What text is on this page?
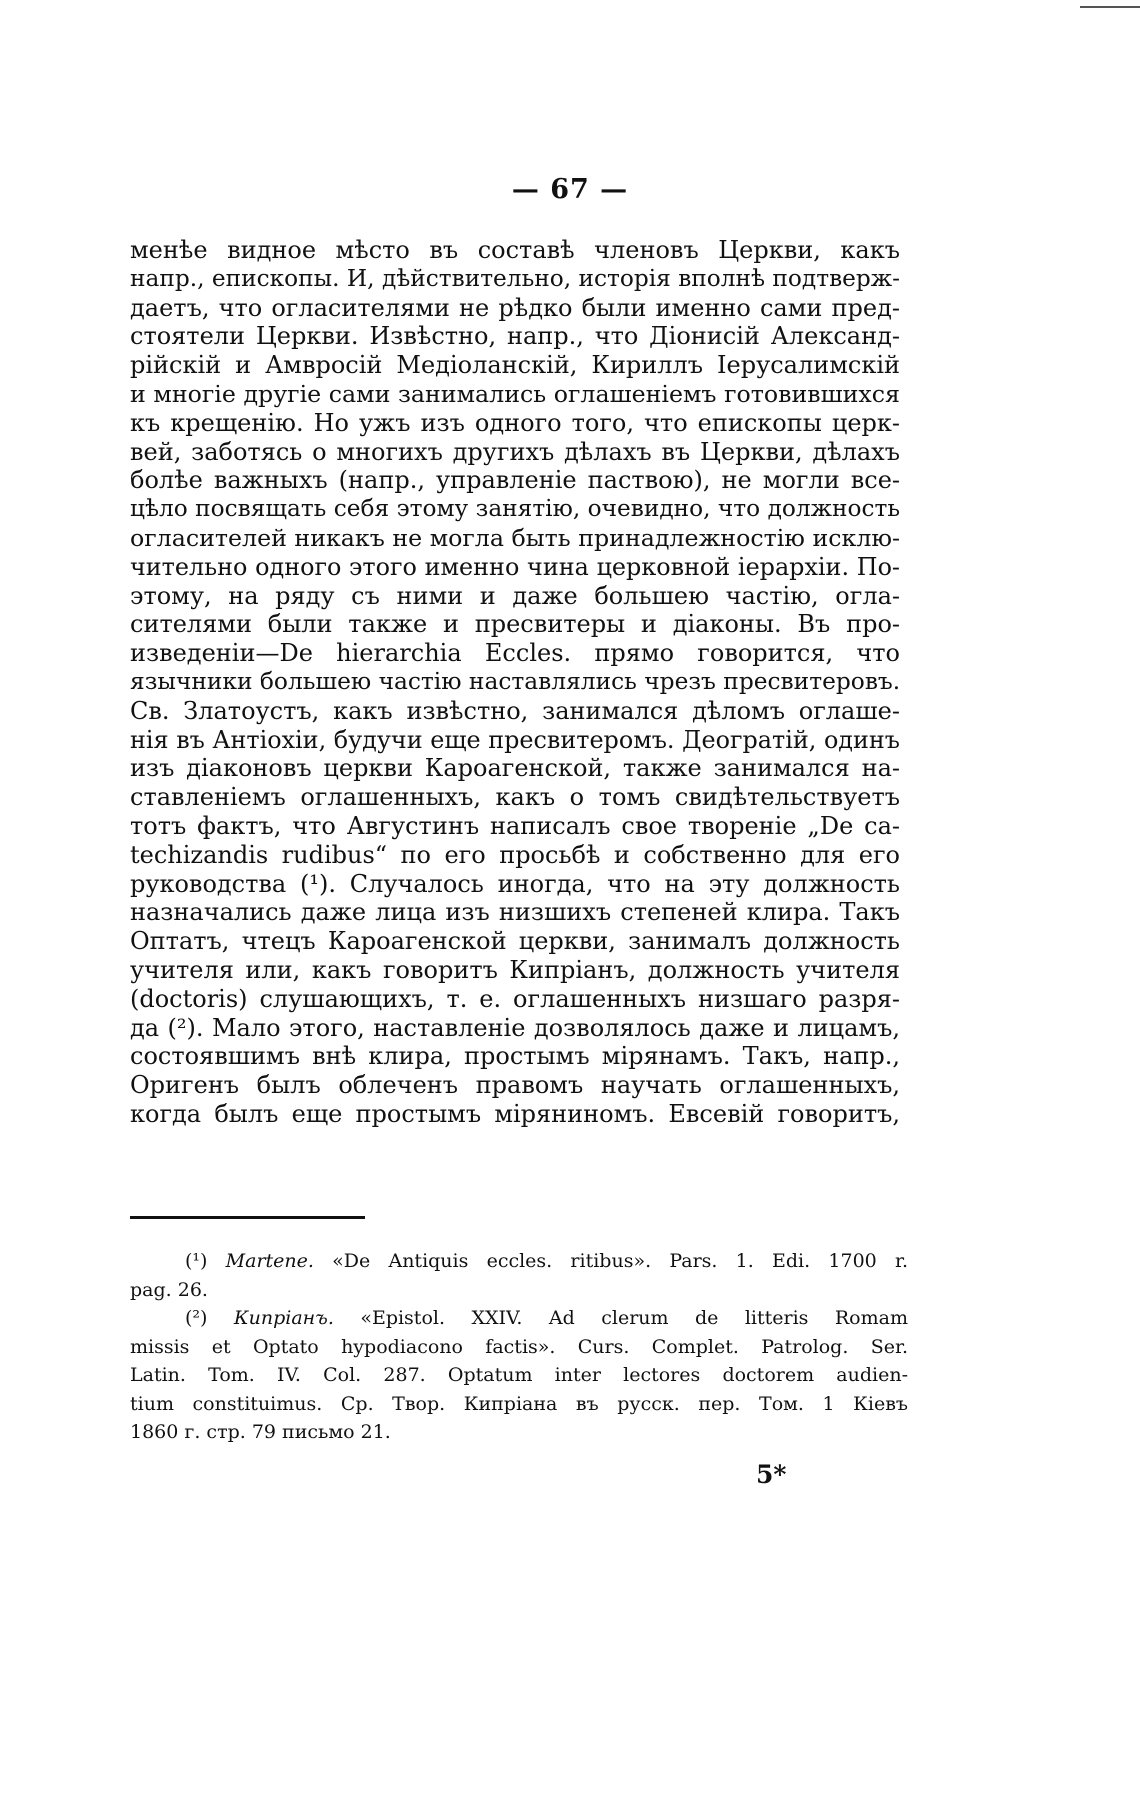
— 67 —
менѣе видное мѣсто въ составѣ членовъ Церкви, какъ
напр., епископы. И, дѣйствительно, исторія вполнѣ подтверж-
даетъ, что огласителями не рѣдко были именно сами пред-
стоятели Церкви. Извѣстно, напр., что Діонисій Александ-
рійскій и Амвросій Медіоланскій, Кириллъ Іерусалимскій
и многіе другіе сами занимались оглашеніемъ готовившихся
къ крещенію. Но ужъ изъ одного того, что епископы церк-
вей, заботясь о многихъ другихъ дѣлахъ въ Церкви, дѣлахъ
болѣе важныхъ (напр., управленіе паствою), не могли все-
цѣло посвящать себя этому занятію, очевидно, что должность
огласителей никакъ не могла быть принадлежностію исклю-
чительно одного этого именно чина церковной іерархіи. По-
этому, на ряду съ ними и даже большею частію, огла-
сителями были также и пресвитеры и діаконы. Въ про-
изведеніи—De hierarchia Eccles. прямо говорится, что
язычники большею частію наставлялись чрезъ пресвитеровъ.
Св. Златоустъ, какъ извѣстно, занимался дѣломъ оглаше-
нія въ Антіохіи, будучи еще пресвитеромъ. Деогратій, одинъ
изъ діаконовъ церкви Кароагенской, также занимался на-
ставленіемъ оглашенныхъ, какъ о томъ свидѣтельствуетъ
тотъ фактъ, что Августинъ написалъ свое творенie „De ca-
techizandis rudibus“ по его просьбѣ и собственно для его
руководства (¹). Случалось иногда, что на эту должность
назначались даже лица изъ низшихъ степеней клира. Такъ
Оптатъ, чтецъ Кароагенской церкви, занималъ должность
учителя или, какъ говоритъ Кипріанъ, должность учителя
(doctoris) слушающихъ, т. е. оглашенныхъ низшаго разря-
да (²). Мало этого, наставленіе дозволялось даже и лицамъ,
состоявшимъ внѣ клира, простымъ мірянамъ. Такъ, напр.,
Оригенъ былъ облеченъ правомъ научать оглашенныхъ,
когда былъ еще простымъ міряниномъ. Евсевій говоритъ,
(¹) Martene. «De Antiquis eccles. ritibus». Pars. 1. Edi. 1700 r.
pag. 26.
(²) Кипріанъ. «Epistol. XXIV. Ad clerum de litteris Romam
missis et Optato hypodiacono factis». Curs. Complet. Patrolog. Ser.
Latin. Tom. IV. Col. 287. Optatum inter lectores doctorem audien-
tium constituimus. Cp. Твор. Кипріана въ русск. пер. Том. 1 Кіевъ
1860 г. стр. 79 письмо 21.
5*
